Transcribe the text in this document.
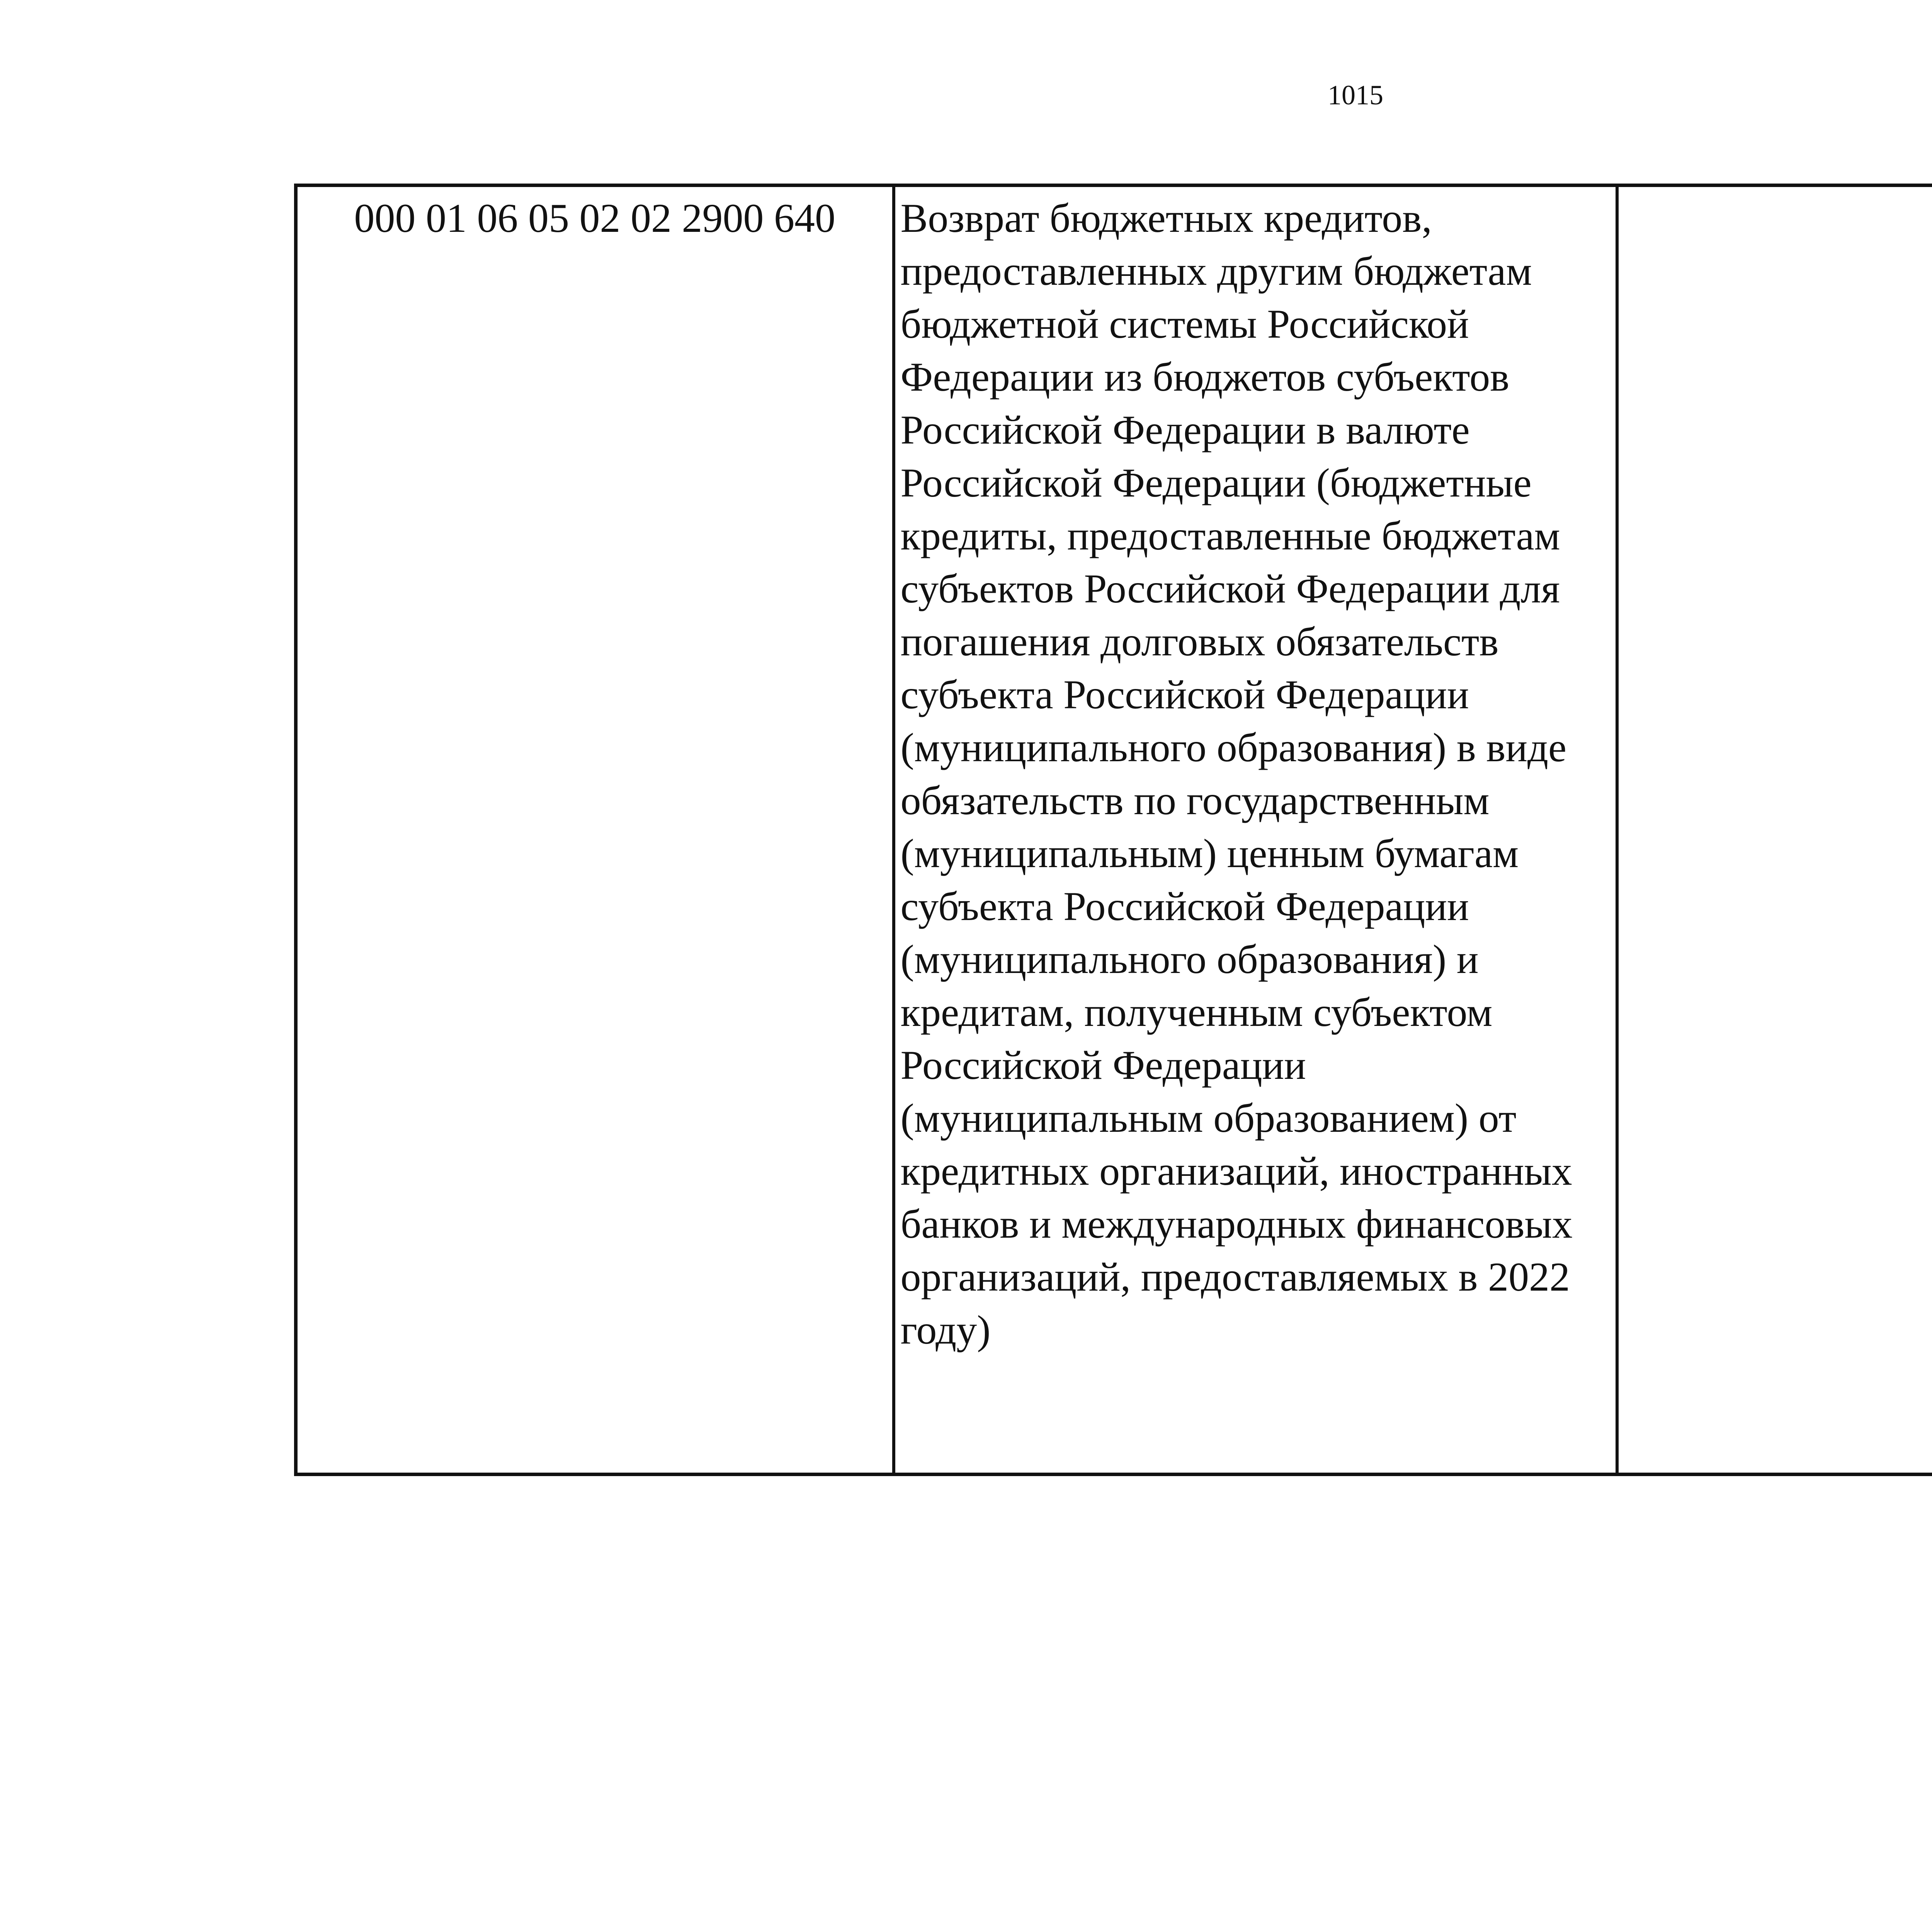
1015
000 01 06 05 02 02 2900 640	Возврат бюджетных кредитов, предоставленных другим бюджетам бюджетной системы Российской Федерации из бюджетов субъектов Российской Федерации в валюте Российской Федерации (бюджетные кредиты, предоставленные бюджетам субъектов Российской Федерации для погашения долговых обязательств субъекта Российской Федерации (муниципального образования) в виде обязательств по государственным (муниципальным) ценным бумагам субъекта Российской Федерации (муниципального образования) и кредитам, полученным субъектом Российской Федерации (муниципальным образованием) от кредитных организаций, иностранных банков и международных финансовых организаций, предоставляемых в 2022 году)		
